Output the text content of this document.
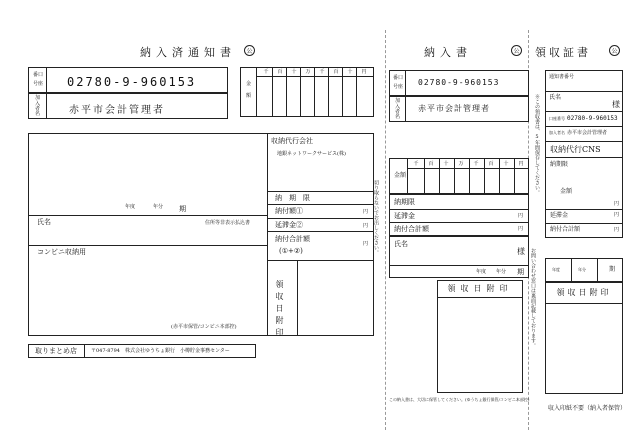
納入済通知書	公
番口
号座 02780-9-960153
加
入
者
名	赤平市会計管理者
金
額
千	百	十	万	千	百	十	円
収納代行会社
地銀ネットワークサービス(株)
納　期　限
納付額①	円
延滞金②	円
納付合計額
円
(①+②)
領収日附印
年度	年分 期
氏名	住所等非表示払込書
コンビニ収納用
(赤平市保管/コンビニ本部控)
切り取らないでお出しください。
取りまとめ店	〒047-8794　株式会社ゆうちょ銀行　小樽貯金事務センター
納入書	公
番口
号座 02780-9-960153
加
入
者
名
赤平市会計管理者
金額
千	百	十	万	千	百	十	円
納期限
延滞金	円
納付合計額	円
氏名
様
年度 年分 期
領収日附印
この納入書は、大切に保管してください。(ゆうちょ銀行保管/コンビニ本部控)
お問い合わせ窓口は裏面記載しております。
領収証書	公
※この領収書は、5年間保存してください。
通知書番号
氏名
様
口座番号 02780-9-960153
加入者名 赤平市会計管理者
収納代行CNS
納期限
金額
円
延滞金	円
納付合計額	円
年度	年分	期
領収日附印
収入印紙不要（納入者保管）
